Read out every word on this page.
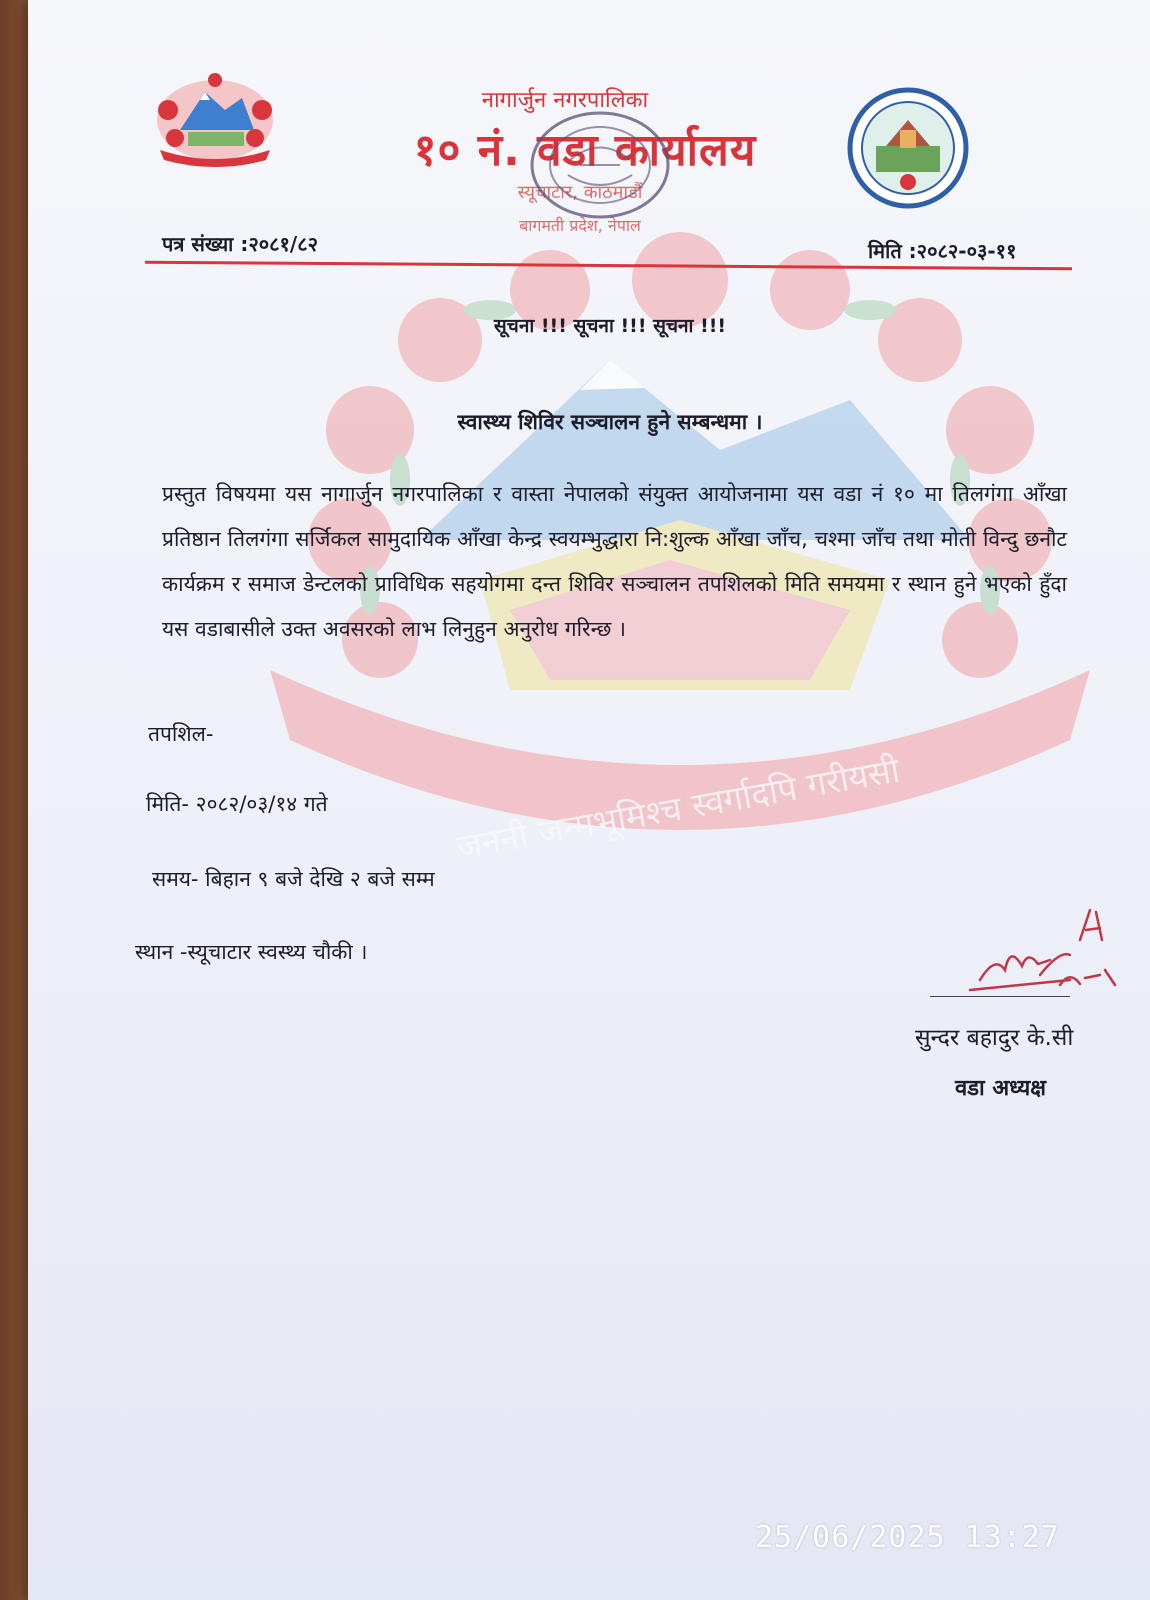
जननी जन्मभूमिश्च स्वर्गादपि गरीयसी
नागार्जुन नगरपालिका
१० नं. वडा कार्यालय
स्यूचाटार, काठमाडौं
बागमती प्रदेश, नेपाल
पत्र संख्या :२०८१/८२	मिति :२०८२-०३-११
सूचना !!! सूचना !!! सूचना !!!
स्वास्थ्य शिविर सञ्चालन हुने सम्बन्धमा ।
प्रस्तुत विषयमा यस नागार्जुन नगरपालिका र वास्ता नेपालको संयुक्त आयोजनामा यस वडा नं १० मा तिलगंगा आँखा प्रतिष्ठान तिलगंगा सर्जिकल सामुदायिक आँखा केन्द्र स्वयम्भुद्धारा नि:शुल्क आँखा जाँच, चश्मा जाँच तथा मोती विन्दु छनौट कार्यक्रम र समाज डेन्टलको प्राविधिक सहयोगमा दन्त शिविर सञ्चालन तपशिलको मिति समयमा र स्थान हुने भएको हुँदा यस वडाबासीले उक्त अवसरको लाभ लिनुहुन अनुरोध गरिन्छ ।
तपशिल-
मिति- २०८२/०३/१४ गते
समय- बिहान ९ बजे देखि २ बजे सम्म
स्थान -स्यूचाटार स्वस्थ्य चौकी ।
सुन्दर बहादुर के.सी
वडा अध्यक्ष
25/06/2025 13:27
